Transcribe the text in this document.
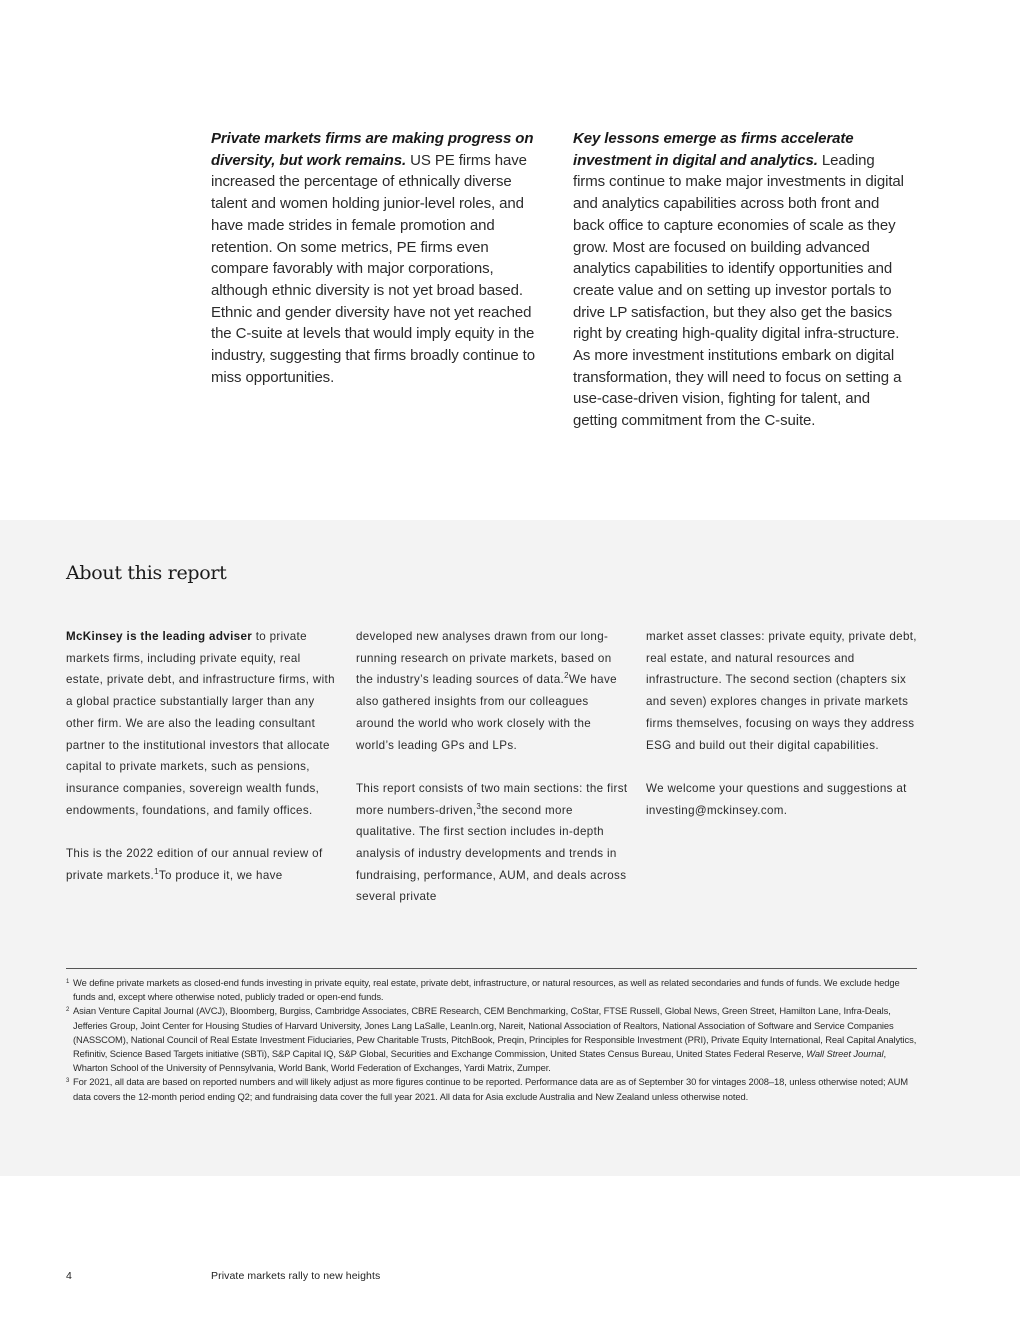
Private markets firms are making progress on diversity, but work remains. US PE firms have increased the percentage of ethnically diverse talent and women holding junior-level roles, and have made strides in female promotion and retention. On some metrics, PE firms even compare favorably with major corporations, although ethnic diversity is not yet broad based. Ethnic and gender diversity have not yet reached the C-suite at levels that would imply equity in the industry, suggesting that firms broadly continue to miss opportunities.

Key lessons emerge as firms accelerate investment in digital and analytics. Leading firms continue to make major investments in digital and analytics capabilities across both front and back office to capture economies of scale as they grow. Most are focused on building advanced analytics capabilities to identify opportunities and create value and on setting up investor portals to drive LP satisfaction, but they also get the basics right by creating high-quality digital infra-structure. As more investment institutions embark on digital transformation, they will need to focus on setting a use-case-driven vision, fighting for talent, and getting commitment from the C-suite.

About this report

McKinsey is the leading adviser to private markets firms, including private equity, real estate, private debt, and infrastructure firms, with a global practice substantially larger than any other firm. We are also the leading consultant partner to the institutional investors that allocate capital to private markets, such as pensions, insurance companies, sovereign wealth funds, endowments, foundations, and family offices.

This is the 2022 edition of our annual review of private markets.$^1$To produce it, we have

developed new analyses drawn from our long-running research on private markets, based on the industry’s leading sources of data.$^2$We have also gathered insights from our colleagues around the world who work closely with the world’s leading GPs and LPs.

This report consists of two main sections: the first more numbers-driven,$^3$the second more qualitative. The first section includes in-depth analysis of industry developments and trends in fundraising, performance, AUM, and deals across several private

market asset classes: private equity, private debt, real estate, and natural resources and infrastructure. The second section (chapters six and seven) explores changes in private markets firms themselves, focusing on ways they address ESG and build out their digital capabilities.

We welcome your questions and suggestions at investing@mckinsey.com.

1 We define private markets as closed-end funds investing in private equity, real estate, private debt, infrastructure, or natural resources, as well as related secondaries and funds of funds. We exclude hedge funds and, except where otherwise noted, publicly traded or open-end funds.
2 Asian Venture Capital Journal (AVCJ), Bloomberg, Burgiss, Cambridge Associates, CBRE Research, CEM Benchmarking, CoStar, FTSE Russell, Global News, Green Street, Hamilton Lane, Infra-Deals, Jefferies Group, Joint Center for Housing Studies of Harvard University, Jones Lang LaSalle, LeanIn.org, Nareit, National Association of Realtors, National Association of Software and Service Companies (NASSCOM), National Council of Real Estate Investment Fiduciaries, Pew Charitable Trusts, PitchBook, Preqin, Principles for Responsible Investment (PRI), Private Equity International, Real Capital Analytics, Refinitiv, Science Based Targets initiative (SBTi), S&P Capital IQ, S&P Global, Securities and Exchange Commission, United States Census Bureau, United States Federal Reserve, Wall Street Journal, Wharton School of the University of Pennsylvania, World Bank, World Federation of Exchanges, Yardi Matrix, Zumper.
3 For 2021, all data are based on reported numbers and will likely adjust as more figures continue to be reported. Performance data are as of September 30 for vintages 2008–18, unless otherwise noted; AUM data covers the 12-month period ending Q2; and fundraising data cover the full year 2021. All data for Asia exclude Australia and New Zealand unless otherwise noted.
4	Private markets rally to new heights
